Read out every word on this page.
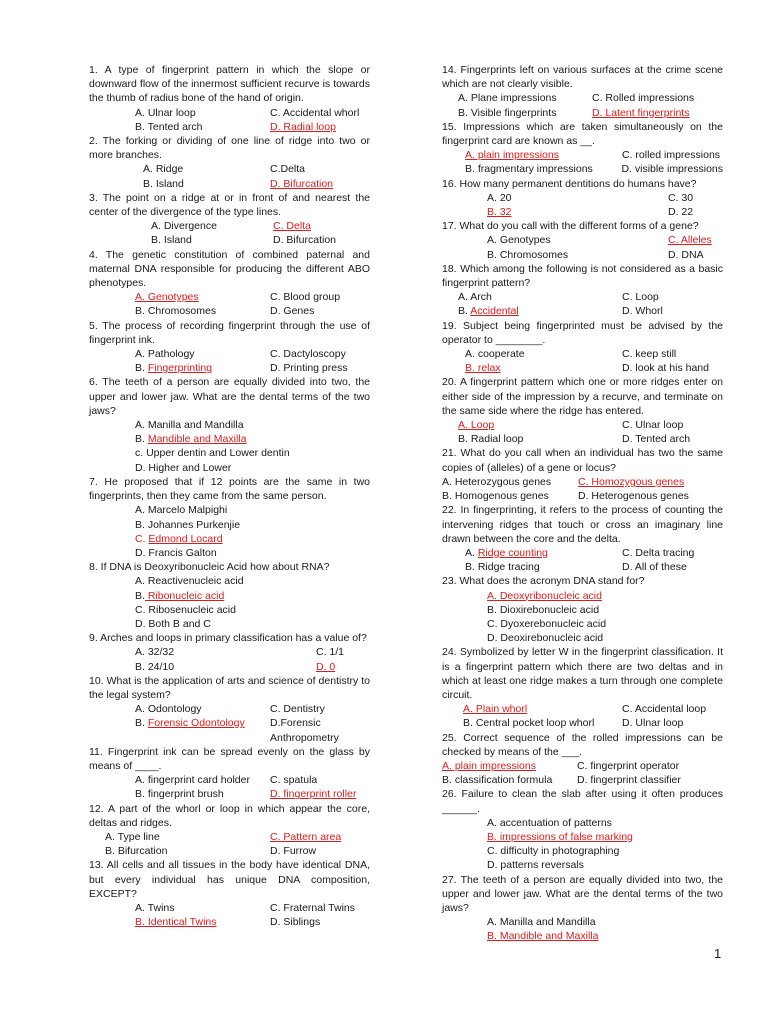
1. A type of fingerprint pattern in which the slope or downward flow of the innermost sufficient recurve is towards the thumb of radius bone of the hand of origin.
A. Ulnar loop	C. Accidental whorl
B. Tented arch	D. Radial loop
2. The forking or dividing of one line of ridge into two or more branches.
A. Ridge	C.Delta
B. Island	D. Bifurcation
3. The point on a ridge at or in front of and nearest the center of the divergence of the type lines.
A. Divergence	C. Delta
B. Island	D. Bifurcation
4. The genetic constitution of combined paternal and maternal DNA responsible for producing the different ABO phenotypes.
A. Genotypes	C. Blood group
B. Chromosomes	D. Genes
5. The process of recording fingerprint through the use of fingerprint ink.
A. Pathology	C. Dactyloscopy
B. Fingerprinting	D. Printing press
6. The teeth of a person are equally divided into two, the upper and lower jaw. What are the dental terms of the two jaws?
A. Manilla and Mandilla
B. Mandible and Maxilla
c. Upper dentin and Lower dentin
D. Higher and Lower
7. He proposed that if 12 points are the same in two fingerprints, then they came from the same person.
A. Marcelo Malpighi
B. Johannes Purkenjie
C. Edmond Locard
D. Francis Galton
8. If DNA is Deoxyribonucleic Acid how about RNA?
A. Reactivenucleic acid
B. Ribonucleic acid
C. Ribosenucleic acid
D. Both B and C
9. Arches and loops in primary classification has a value of?
A. 32/32	C. 1/1
B. 24/10	D. 0
10. What is the application of arts and science of dentistry to the legal system?
A. Odontology	C. Dentistry
B. Forensic Odontology	D.Forensic
Anthropometry
11. Fingerprint ink can be spread evenly on the glass by means of ____.
A. fingerprint card holder	C. spatula
B. fingerprint brush	D. fingerprint roller
12. A part of the whorl or loop in which appear the core, deltas and ridges.
A. Type line	C. Pattern area
B. Bifurcation	D. Furrow
13. All cells and all tissues in the body have identical DNA, but every individual has unique DNA composition, EXCEPT?
A. Twins	C. Fraternal Twins
B. Identical Twins	D. Siblings
14. Fingerprints left on various surfaces at the crime scene which are not clearly visible.
A. Plane impressions	C. Rolled impressions
B. Visible fingerprints	D. Latent fingerprints
15. Impressions which are taken simultaneously on the fingerprint card are known as __.
A. plain impressions	C. rolled impressions
B. fragmentary impressions	D. visible impressions
16. How many permanent dentitions do humans have?
A. 20	C. 30
B. 32	D. 22
17. What do you call with the different forms of a gene?
A. Genotypes	C. Alleles
B. Chromosomes	D. DNA
18. Which among the following is not considered as a basic fingerprint pattern?
A. Arch	C. Loop
B. Accidental	D. Whorl
19. Subject being fingerprinted must be advised by the operator to ________.
A. cooperate	C. keep still
B. relax	D. look at his hand
20. A fingerprint pattern which one or more ridges enter on either side of the impression by a recurve, and terminate on the same side where the ridge has entered.
A. Loop	C. Ulnar loop
B. Radial loop	D. Tented arch
21. What do you call when an individual has two the same copies of (alleles) of a gene or locus?
A. Heterozygous genes	C. Homozygous genes
B. Homogenous genes	D. Heterogenous genes
22. In fingerprinting, it refers to the process of counting the intervening ridges that touch or cross an imaginary line drawn between the core and the delta.
A. Ridge counting	C. Delta tracing
B. Ridge tracing	D. All of these
23. What does the acronym DNA stand for?
A. Deoxyribonucleic acid
B. Dioxirebonucleic acid
C. Dyoxerebonucleic acid
D. Deoxirebonucleic acid
24. Symbolized by letter W in the fingerprint classification. It is a fingerprint pattern which there are two deltas and in which at least one ridge makes a turn through one complete circuit.
A. Plain whorl	C. Accidental loop
B. Central pocket loop whorl	D. Ulnar loop
25. Correct sequence of the rolled impressions can be checked by means of the ___.
A. plain impressions	C. fingerprint operator
B. classification formula	D. fingerprint classifier
26. Failure to clean the slab after using it often produces ______.
A. accentuation of patterns
B. impressions of false marking
C. difficulty in photographing
D. patterns reversals
27. The teeth of a person are equally divided into two, the upper and lower jaw. What are the dental terms of the two jaws?
A. Manilla and Mandilla
B. Mandible and Maxilla
1
